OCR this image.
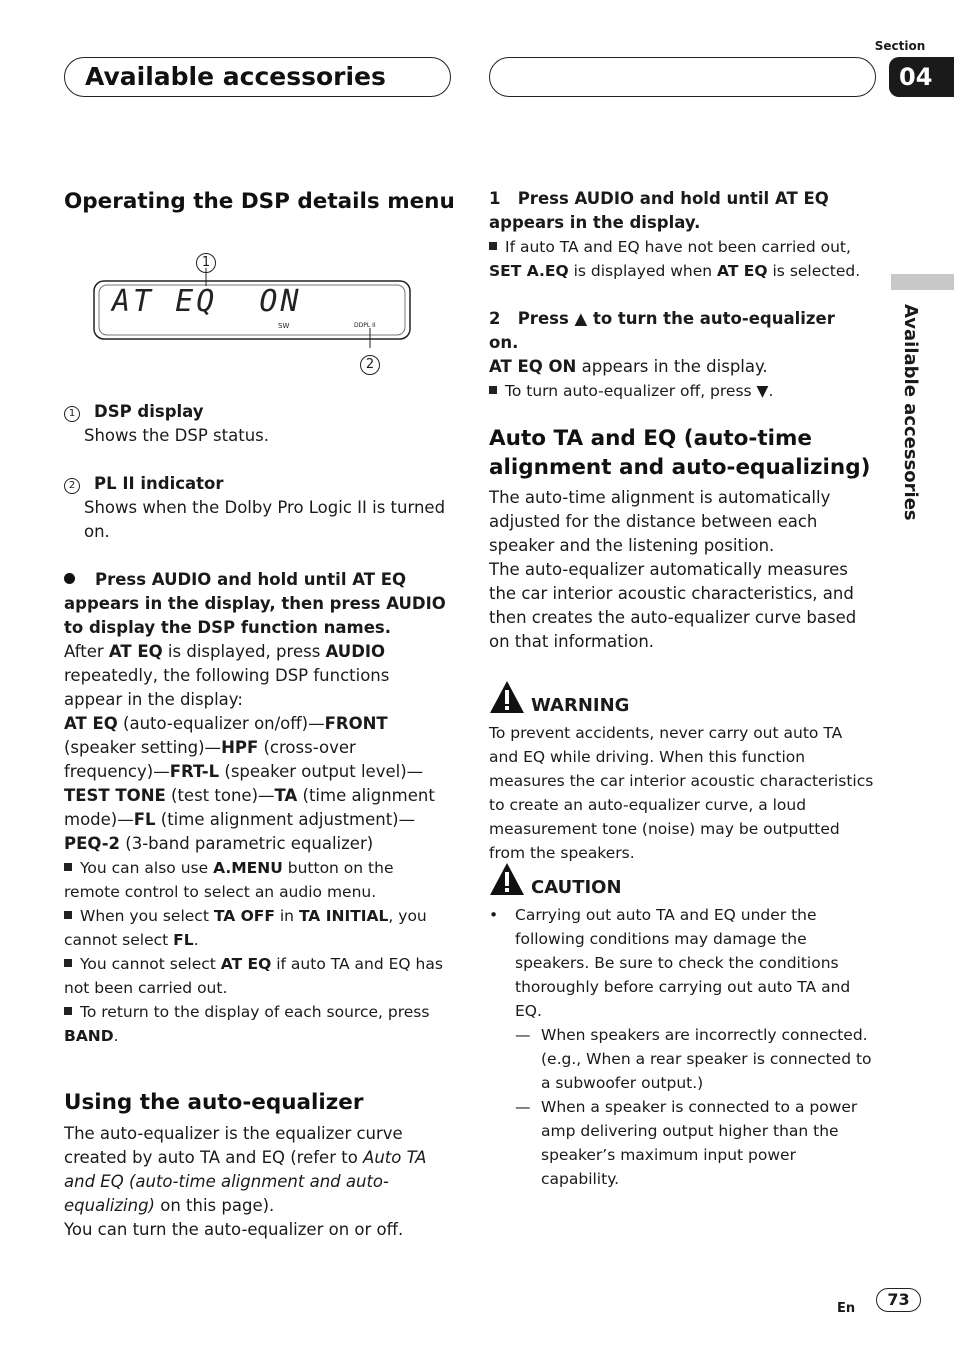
Available accessories
Section
04
Available accessories
Operating the DSP details menu
1
2
AT EQ  ON
SW	DDPL II

1 DSP display

Shows the DSP status.

2 PL II indicator

Shows when the Dolby Pro Logic II is turned on.

Press AUDIO and hold until AT EQ appears in the display, then press AUDIO to display the DSP function names.

After AT EQ is displayed, press AUDIO repeatedly, the following DSP functions appear in the display:

AT EQ (auto-equalizer on/off)—FRONT (speaker setting)—HPF (cross-over frequency)—FRT-L (speaker output level)—TEST TONE (test tone)—TA (time alignment mode)—FL (time alignment adjustment)—PEQ-2 (3-band parametric equalizer)

You can also use A.MENU button on the remote control to select an audio menu.

When you select TA OFF in TA INITIAL, you cannot select FL.

You cannot select AT EQ if auto TA and EQ has not been carried out.

To return to the display of each source, press BAND.

Using the auto-equalizer

The auto-equalizer is the equalizer curve created by auto TA and EQ (refer to Auto TA and EQ (auto-time alignment and auto-equalizing) on this page).

You can turn the auto-equalizer on or off.

1   Press AUDIO and hold until AT EQ appears in the display.

If auto TA and EQ have not been carried out, SET A.EQ is displayed when AT EQ is selected.

2   Press ▲ to turn the auto-equalizer on.

AT EQ ON appears in the display.

To turn auto-equalizer off, press ▼.

Auto TA and EQ (auto-time alignment and auto-equalizing)

The auto-time alignment is automatically adjusted for the distance between each speaker and the listening position.

The auto-equalizer automatically measures the car interior acoustic characteristics, and then creates the auto-equalizer curve based on that information.

WARNING

To prevent accidents, never carry out auto TA and EQ while driving. When this function measures the car interior acoustic characteristics to create an auto-equalizer curve, a loud measurement tone (noise) may be outputted from the speakers.

CAUTION

• Carrying out auto TA and EQ under the following conditions may damage the speakers. Be sure to check the conditions thoroughly before carrying out auto TA and EQ.

— When speakers are incorrectly connected. (e.g., When a rear speaker is connected to a subwoofer output.)

— When a speaker is connected to a power amp delivering output higher than the speaker’s maximum input power capability.

En	73
